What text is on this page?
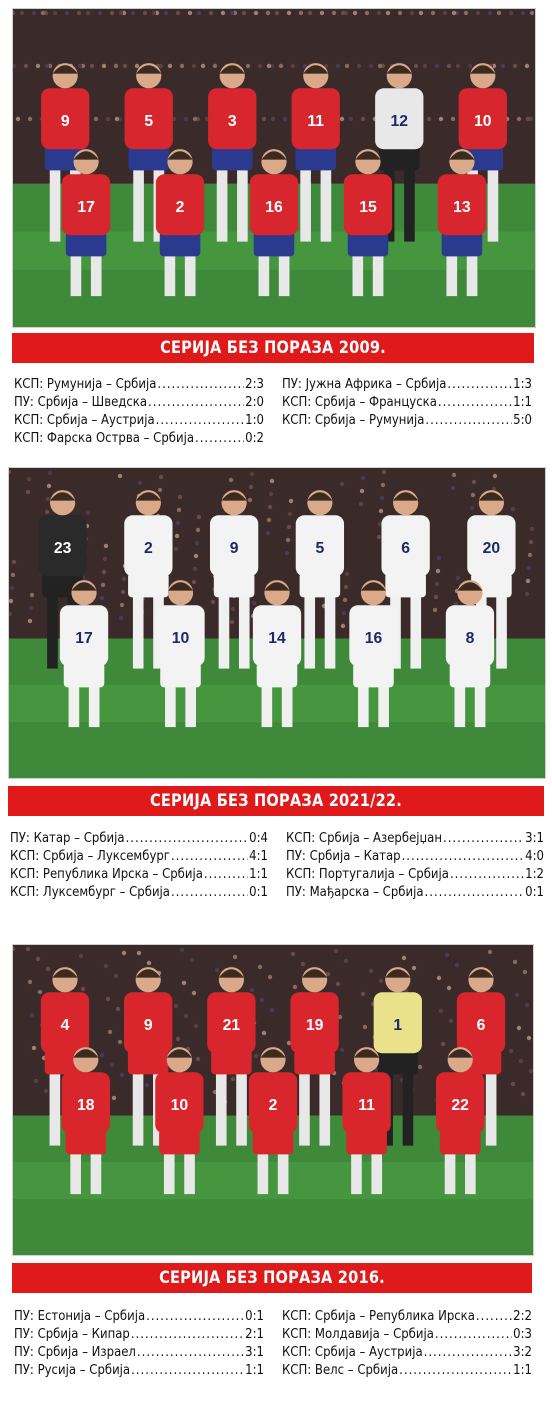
9	5	3	11	12	10
17	2	16	15	13
СЕРИЈА БЕЗ ПОРАЗА 2009.
КСП: Румунија – Србија .....	2:3
ПУ: Србија – Шведска .....	2:0
КСП: Србија – Аустрија .....	1:0
КСП: Фарска Острва – Србија .....	0:2
ПУ: Јужна Африка – Србија .....	1:3
КСП: Србија – Француска .....	1:1
КСП: Србија – Румунија .....	5:0
23	2	9	5	6	20
17	10	14	16	8
СЕРИЈА БЕЗ ПОРАЗА 2021/22.
ПУ: Катар – Србија .....	0:4
КСП: Србија – Луксембург .....	4:1
КСП: Република Ирска – Србија .....	1:1
КСП: Луксембург – Србија .....	0:1
КСП: Србија – Азербејџан .....	3:1
ПУ: Србија – Катар .....	4:0
КСП: Португалија – Србија .....	1:2
ПУ: Мађарска – Србија .....	0:1
4	9	21	19	1	6
18	10	2	11	22
СЕРИЈА БЕЗ ПОРАЗА 2016.
ПУ: Естонија – Србија .....	0:1
ПУ: Србија – Кипар .....	2:1
ПУ: Србија – Израел .....	3:1
ПУ: Русија – Србија .....	1:1
КСП: Србија – Република Ирска .....	2:2
КСП: Молдавија – Србија .....	0:3
КСП: Србија – Аустрија .....	3:2
КСП: Велс – Србија .....	1:1
